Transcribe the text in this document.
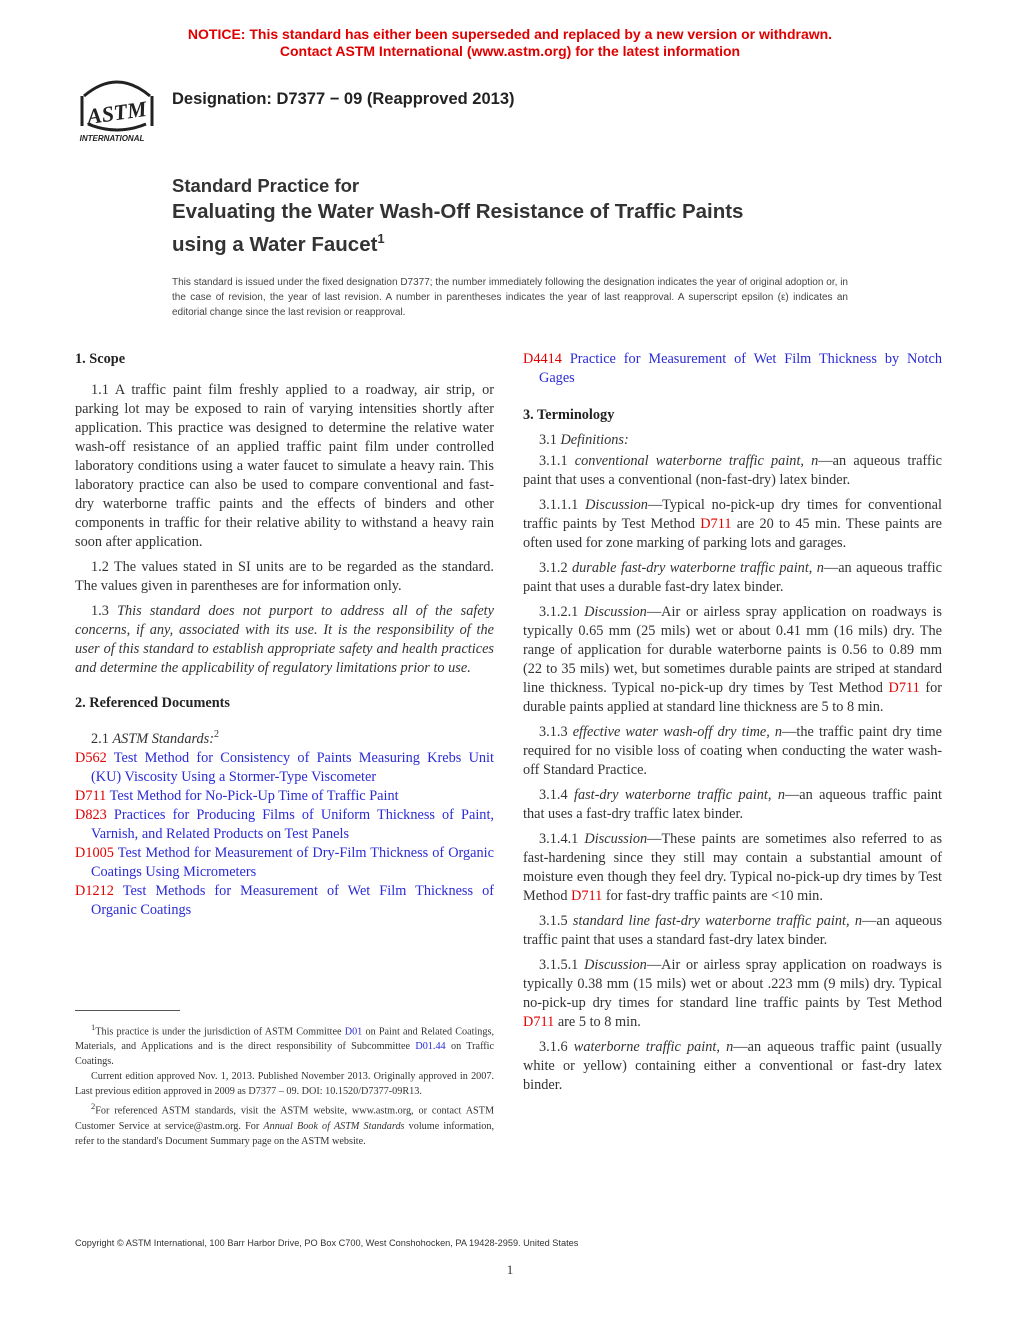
NOTICE: This standard has either been superseded and replaced by a new version or withdrawn.
Contact ASTM International (www.astm.org) for the latest information
ASTM
INTERNATIONAL
Designation: D7377 − 09 (Reapproved 2013)
Standard Practice for
Evaluating the Water Wash-Off Resistance of Traffic Paints
using a Water Faucet$^1$
This standard is issued under the fixed designation D7377; the number immediately following the designation indicates the year of original adoption or, in the case of revision, the year of last revision. A number in parentheses indicates the year of last reapproval. A superscript epsilon (ε) indicates an editorial change since the last revision or reapproval.
1. Scope

1.1 A traffic paint film freshly applied to a roadway, air strip, or parking lot may be exposed to rain of varying intensities shortly after application. This practice was designed to determine the relative water wash-off resistance of an applied traffic paint film under controlled laboratory conditions using a water faucet to simulate a heavy rain. This laboratory practice can also be used to compare conventional and fast-dry waterborne traffic paints and the effects of binders and other components in traffic for their relative ability to withstand a heavy rain soon after application.

1.2 The values stated in SI units are to be regarded as the standard. The values given in parentheses are for information only.

1.3 This standard does not purport to address all of the safety concerns, if any, associated with its use. It is the responsibility of the user of this standard to establish appropriate safety and health practices and determine the applicability of regulatory limitations prior to use.

2. Referenced Documents

2.1 ASTM Standards:$^2$

D562 Test Method for Consistency of Paints Measuring Krebs Unit (KU) Viscosity Using a Stormer-Type Viscometer

D711 Test Method for No-Pick-Up Time of Traffic Paint

D823 Practices for Producing Films of Uniform Thickness of Paint, Varnish, and Related Products on Test Panels

D1005 Test Method for Measurement of Dry-Film Thickness of Organic Coatings Using Micrometers

D1212 Test Methods for Measurement of Wet Film Thickness of Organic Coatings

D4414 Practice for Measurement of Wet Film Thickness by Notch Gages

3. Terminology

3.1 Definitions:

3.1.1 conventional waterborne traffic paint, n—an aqueous traffic paint that uses a conventional (non-fast-dry) latex binder.

3.1.1.1 Discussion—Typical no-pick-up dry times for conventional traffic paints by Test Method D711 are 20 to 45 min. These paints are often used for zone marking of parking lots and garages.

3.1.2 durable fast-dry waterborne traffic paint, n—an aqueous traffic paint that uses a durable fast-dry latex binder.

3.1.2.1 Discussion—Air or airless spray application on roadways is typically 0.65 mm (25 mils) wet or about 0.41 mm (16 mils) dry. The range of application for durable waterborne paints is 0.56 to 0.89 mm (22 to 35 mils) wet, but sometimes durable paints are striped at standard line thickness. Typical no-pick-up dry times by Test Method D711 for durable paints applied at standard line thickness are 5 to 8 min.

3.1.3 effective water wash-off dry time, n—the traffic paint dry time required for no visible loss of coating when conducting the water wash-off Standard Practice.

3.1.4 fast-dry waterborne traffic paint, n—an aqueous traffic paint that uses a fast-dry traffic latex binder.

3.1.4.1 Discussion—These paints are sometimes also referred to as fast-hardening since they still may contain a substantial amount of moisture even though they feel dry. Typical no-pick-up dry times by Test Method D711 for fast-dry traffic paints are <10 min.

3.1.5 standard line fast-dry waterborne traffic paint, n—an aqueous traffic paint that uses a standard fast-dry latex binder.

3.1.5.1 Discussion—Air or airless spray application on roadways is typically 0.38 mm (15 mils) wet or about .223 mm (9 mils) dry. Typical no-pick-up dry times for standard line traffic paints by Test Method D711 are 5 to 8 min.

3.1.6 waterborne traffic paint, n—an aqueous traffic paint (usually white or yellow) containing either a conventional or fast-dry latex binder.

$^1$This practice is under the jurisdiction of ASTM Committee D01 on Paint and Related Coatings, Materials, and Applications and is the direct responsibility of Subcommittee D01.44 on Traffic Coatings.

Current edition approved Nov. 1, 2013. Published November 2013. Originally approved in 2007. Last previous edition approved in 2009 as D7377 – 09. DOI: 10.1520/D7377-09R13.

$^2$For referenced ASTM standards, visit the ASTM website, www.astm.org, or contact ASTM Customer Service at service@astm.org. For Annual Book of ASTM Standards volume information, refer to the standard's Document Summary page on the ASTM website.

Copyright © ASTM International, 100 Barr Harbor Drive, PO Box C700, West Conshohocken, PA 19428-2959. United States
1
